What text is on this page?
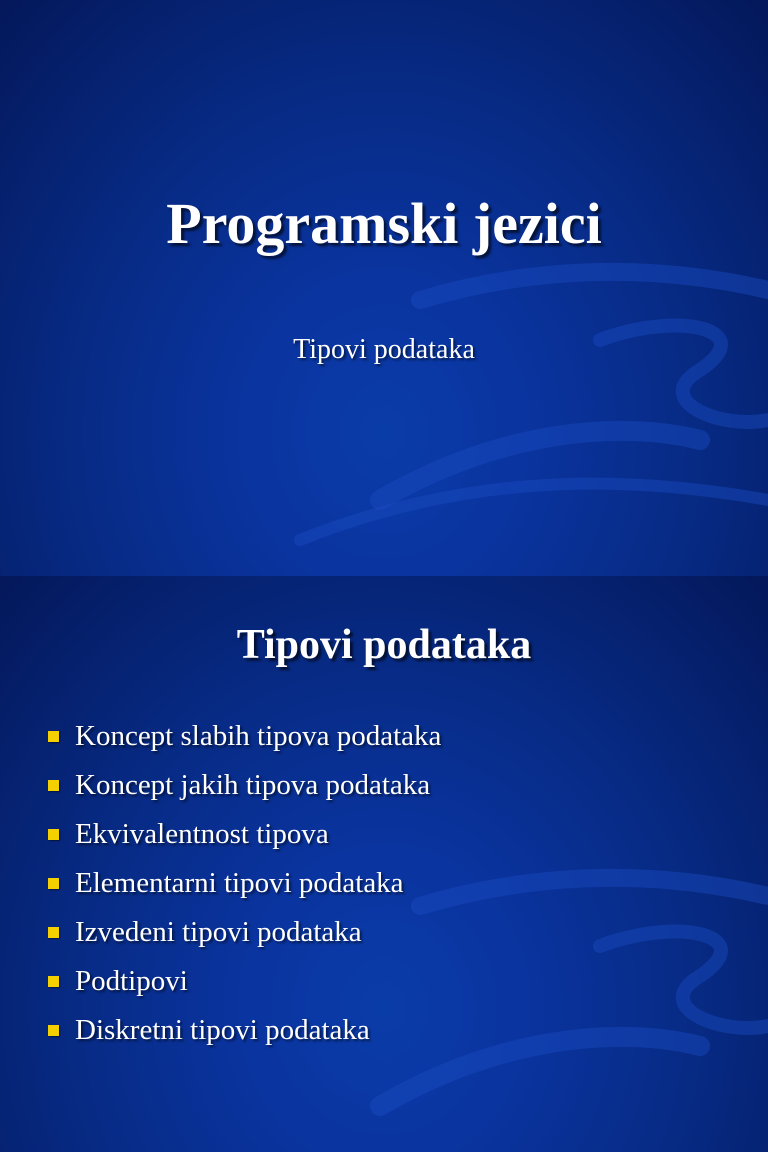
Programski jezici

Tipovi podataka

Tipovi podataka
Koncept slabih tipova podataka
Koncept jakih tipova podataka
Ekvivalentnost tipova
Elementarni tipovi podataka
Izvedeni tipovi podataka
Podtipovi
Diskretni tipovi podataka
